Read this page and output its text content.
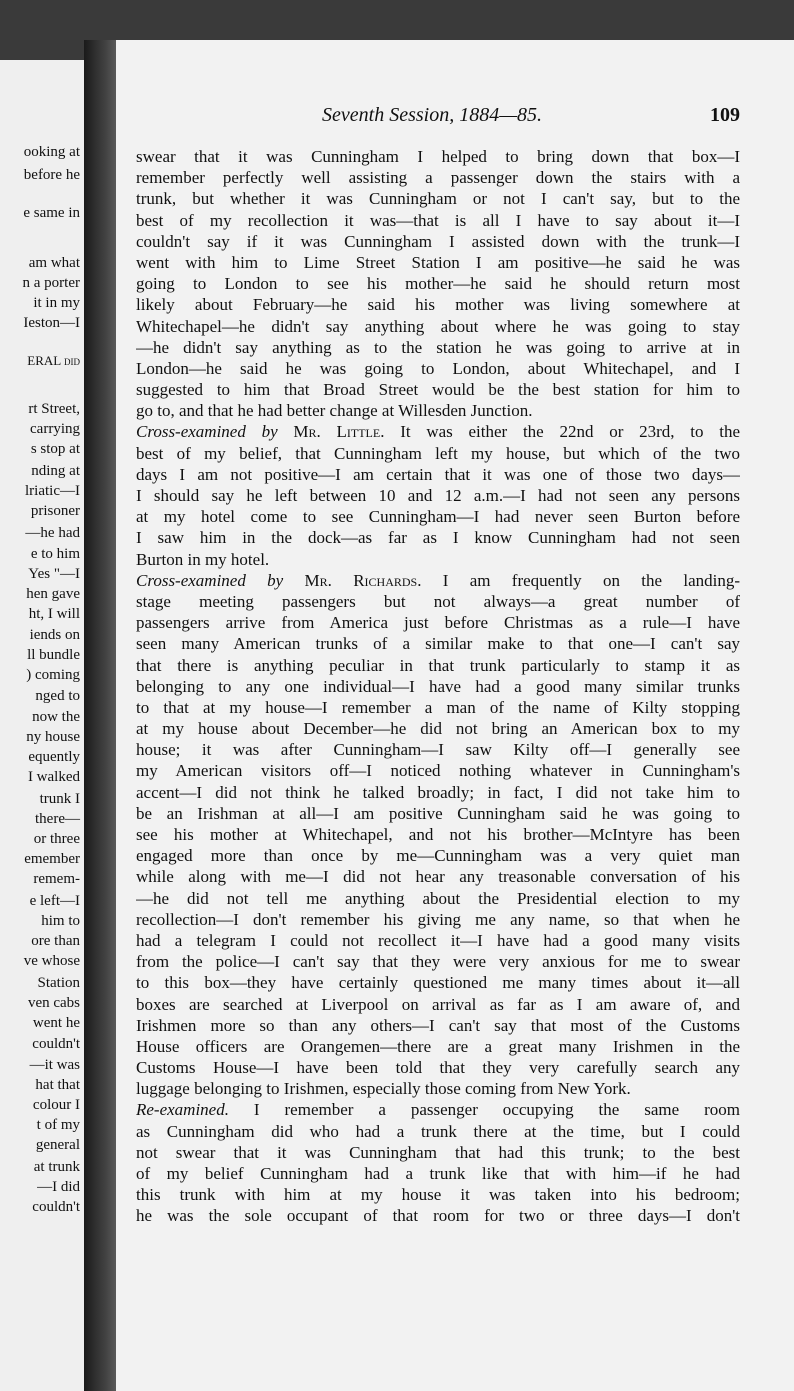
ooking at

before he

e same in

am what

n a porter

it in my

Ieston—I

ERAL did

rt Street,

carrying

s stop at

nding at

lriatic—I

prisoner

—he had

e to him

Yes "—I

hen gave

ht, I will

iends on

ll bundle

) coming

nged to

now the

ny house

equently

I walked

trunk I

there—

or three

emember

remem-

e left—I

him to

ore than

ve whose

Station

ven cabs

went he

couldn't

—it was

hat that

colour I

t of my

general

at trunk

—I did

couldn't

Seventh Session, 1884—85.	109

swear that it was Cunningham I helped to bring down that box—I

remember perfectly well assisting a passenger down the stairs with a

trunk, but whether it was Cunningham or not I can't say, but to the

best of my recollection it was—that is all I have to say about it—I

couldn't say if it was Cunningham I assisted down with the trunk—I

went with him to Lime Street Station I am positive—he said he was

going to London to see his mother—he said he should return most

likely about February—he said his mother was living somewhere at

Whitechapel—he didn't say anything about where he was going to stay

—he didn't say anything as to the station he was going to arrive at in

London—he said he was going to London, about Whitechapel, and I

suggested to him that Broad Street would be the best station for him to

go to, and that he had better change at Willesden Junction.

Cross-examined by Mr. Little. It was either the 22nd or 23rd, to the

best of my belief, that Cunningham left my house, but which of the two

days I am not positive—I am certain that it was one of those two days—

I should say he left between 10 and 12 a.m.—I had not seen any persons

at my hotel come to see Cunningham—I had never seen Burton before

I saw him in the dock—as far as I know Cunningham had not seen

Burton in my hotel.

Cross-examined by Mr. Richards. I am frequently on the landing-

stage meeting passengers but not always—a great number of

passengers arrive from America just before Christmas as a rule—I have

seen many American trunks of a similar make to that one—I can't say

that there is anything peculiar in that trunk particularly to stamp it as

belonging to any one individual—I have had a good many similar trunks

to that at my house—I remember a man of the name of Kilty stopping

at my house about December—he did not bring an American box to my

house; it was after Cunningham—I saw Kilty off—I generally see

my American visitors off—I noticed nothing whatever in Cunningham's

accent—I did not think he talked broadly; in fact, I did not take him to

be an Irishman at all—I am positive Cunningham said he was going to

see his mother at Whitechapel, and not his brother—McIntyre has been

engaged more than once by me—Cunningham was a very quiet man

while along with me—I did not hear any treasonable conversation of his

—he did not tell me anything about the Presidential election to my

recollection—I don't remember his giving me any name, so that when he

had a telegram I could not recollect it—I have had a good many visits

from the police—I can't say that they were very anxious for me to swear

to this box—they have certainly questioned me many times about it—all

boxes are searched at Liverpool on arrival as far as I am aware of, and

Irishmen more so than any others—I can't say that most of the Customs

House officers are Orangemen—there are a great many Irishmen in the

Customs House—I have been told that they very carefully search any

luggage belonging to Irishmen, especially those coming from New York.

Re-examined. I remember a passenger occupying the same room

as Cunningham did who had a trunk there at the time, but I could

not swear that it was Cunningham that had this trunk; to the best

of my belief Cunningham had a trunk like that with him—if he had

this trunk with him at my house it was taken into his bedroom;

he was the sole occupant of that room for two or three days—I don't
